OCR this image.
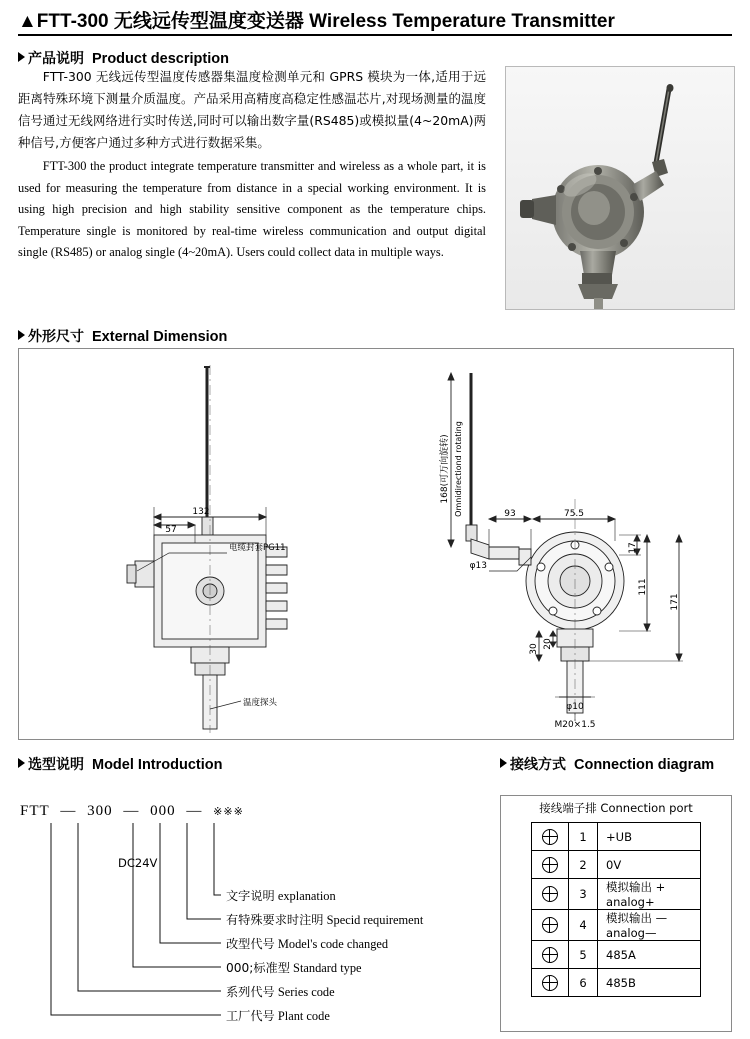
▲FTT-300 无线远传型温度变送器 Wireless Temperature Transmitter
产品说明 Product description

FTT-300 无线远传型温度传感器集温度检测单元和 GPRS 模块为一体,适用于远距离特殊环境下测量介质温度。产品采用高精度高稳定性感温芯片,对现场测量的温度信号通过无线网络进行实时传送,同时可以输出数字量(RS485)或模拟量(4~20mA)两种信号,方便客户通过多种方式进行数据采集。

FTT-300 the product integrate temperature transmitter and wireless as a whole part, it is used for measuring the temperature from distance in a special working environment. It is using high precision and high stability sensitive component as the temperature chips. Temperature single is monitored by real-time wireless communication and output digital single (RS485) or analog single (4~20mA). Users could collect data in multiple ways.

外形尺寸 External Dimension
132
57
电缆封套PG11
温度探头
168(可万向旋转) Omnidirectiond rotating	93	75.5
φ13
17
111
171
30 20
φ10
M20×1.5
选型说明 Model Introduction
FTT — 300 — 000 — ※※※
文字说明 explanation
有特殊要求时注明 Specid requirement
改型代号 Model's code changed
000;标准型 Standard type
系列代号 Series code
工厂代号 Plant code
接线方式 Connection diagram
接线端子排 Connection port
	1	+UB
	2	0V
	3	模拟输出 + analog+
	4	模拟输出 — analog—
	5	485A
	6	485B
DC24V
